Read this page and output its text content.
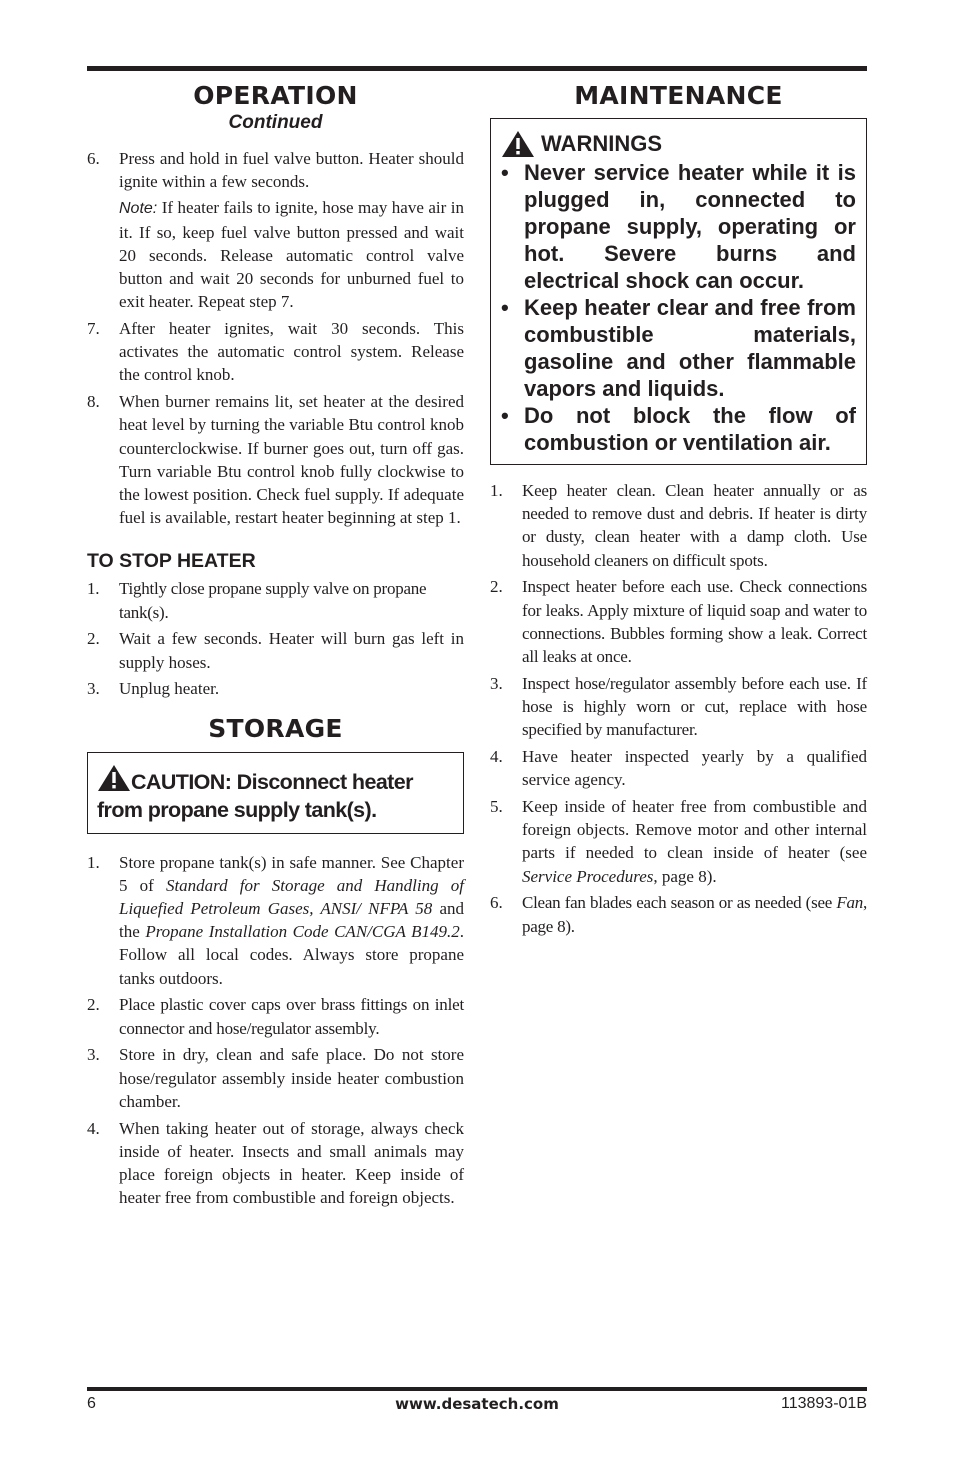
OPERATION
Continued
6. Press and hold in fuel valve button. Heater should ignite within a few seconds.

Note: If heater fails to ignite, hose may have air in it. If so, keep fuel valve button pressed and wait 20 seconds. Release automatic control valve button and wait 20 seconds for unburned fuel to exit heater. Repeat step 7.

7. After heater ignites, wait 30 seconds. This activates the automatic control system. Release the control knob.

8. When burner remains lit, set heater at the desired heat level by turning the variable Btu control knob counterclockwise. If burner goes out, turn off gas. Turn variable Btu control knob fully clockwise to the lowest position. Check fuel supply. If adequate fuel is available, restart heater beginning at step 1.

TO STOP HEATER
1. Tightly close propane supply valve on propane tank(s).

2. Wait a few seconds. Heater will burn gas left in supply hoses.

3. Unplug heater.

STORAGE
CAUTION: Disconnect heater from propane supply tank(s).
1. Store propane tank(s) in safe manner. See Chapter 5 of Standard for Storage and Handling of Liquefied Petroleum Gases, ANSI/ NFPA 58 and the Propane Installation Code CAN/CGA B149.2. Follow all local codes. Always store propane tanks outdoors.

2. Place plastic cover caps over brass fittings on inlet connector and hose/regulator assembly.

3. Store in dry, clean and safe place. Do not store hose/regulator assembly inside heater combustion chamber.

4. When taking heater out of storage, always check inside of heater. Insects and small animals may place foreign objects in heater. Keep inside of heater free from combustible and foreign objects.

MAINTENANCE
WARNINGS
• Never service heater while it is plugged in, connected to propane supply, operating or hot. Severe burns and electrical shock can occur.
• Keep heater clear and free from combustible materials, gasoline and other flammable vapors and liquids.
• Do not block the flow of combustion or ventilation air.
1. Keep heater clean. Clean heater annually or as needed to remove dust and debris. If heater is dirty or dusty, clean heater with a damp cloth. Use household cleaners on difficult spots.

2. Inspect heater before each use. Check connections for leaks. Apply mixture of liquid soap and water to connections. Bubbles forming show a leak. Correct all leaks at once.

3. Inspect hose/regulator assembly before each use. If hose is highly worn or cut, replace with hose specified by manufacturer.

4. Have heater inspected yearly by a qualified service agency.

5. Keep inside of heater free from combustible and foreign objects. Remove motor and other internal parts if needed to clean inside of heater (see Service Procedures, page 8).

6. Clean fan blades each season or as needed (see Fan, page 8).

6	www.desatech.com	113893-01B
